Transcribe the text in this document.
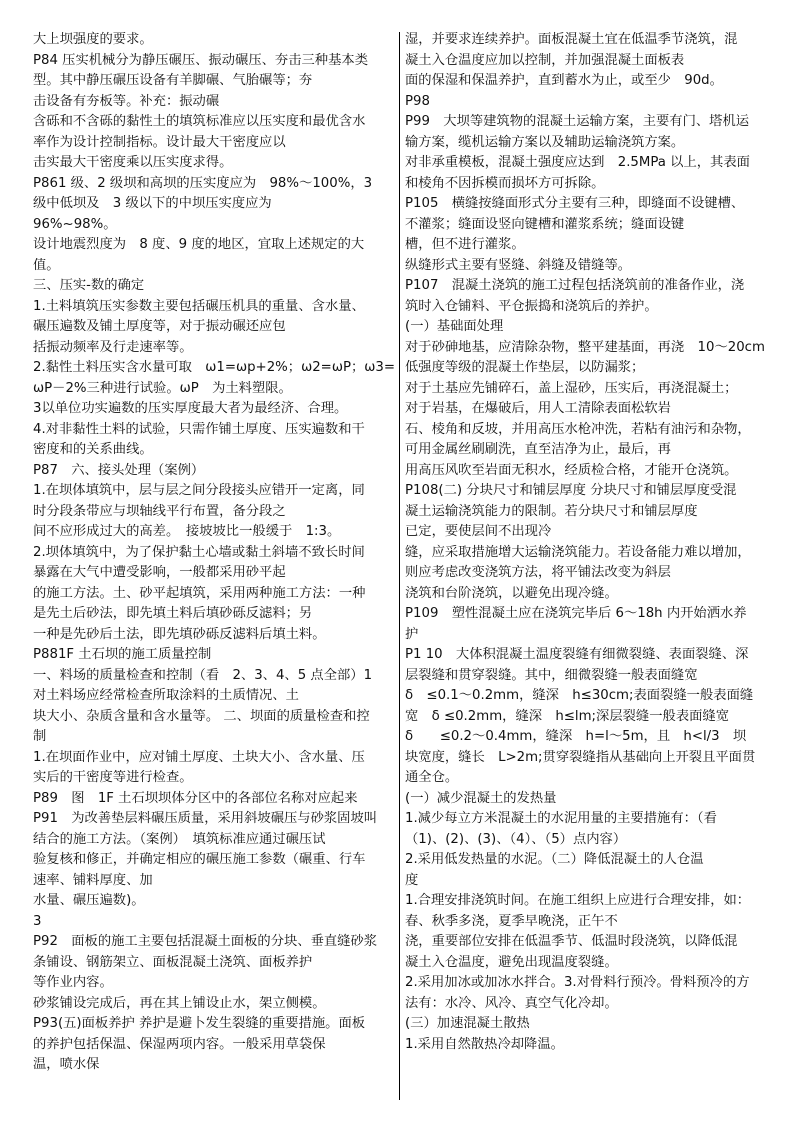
大上坝强度的要求。
P84 压实机械分为静压碾压、振动碾压、夯击三种基本类
型。其中静压碾压设备有羊脚碾、气胎碾等；夯
击设备有夯板等。补充：振动碾
含砾和不含砾的黏性土的填筑标准应以压实度和最优含水
率作为设计控制指标。设计最大干密度应以
击实最大干密度乘以压实度求得。
P861 级、2 级坝和高坝的压实度应为　98%～100%，3
级中低坝及　3 级以下的中坝压实度应为
96%~98%。
设计地震烈度为　8 度、9 度的地区，宜取上述规定的大
值。
三、压实-数的确定
1.土料填筑压实参数主要包括碾压机具的重量、含水量、
碾压遍数及铺土厚度等，对于振动碾还应包
括振动频率及行走速率等。
2.黏性土料压实含水量可取　ω1=ωp+2%；ω2=ωP；ω3=
ωP－2%三种进行试验。ωP　为土料塑限。
3以单位功实遍数的压实厚度最大者为最经济、合理。
4.对非黏性土料的试验，只需作铺土厚度、压实遍数和干
密度和的关系曲线。
P87　六、接头处理（案例）
1.在坝体填筑中，层与层之间分段接头应错开一定离，同
时分段条带应与坝轴线平行布置，备分段之
间不应形成过大的高差。　接坡坡比一般缓于　1:3。
2.坝体填筑中，为了保护黏土心墙或黏土斜墙不致长时间
暴露在大气中遭受影响，一般都采用砂平起
的施工方法。土、砂平起填筑，采用两种施工方法：一种
是先土后砂法，即先填土料后填砂砾反滤料；另
一种是先砂后土法，即先填砂砾反滤料后填土料。
P881F 土石坝的施工质量控制
一、料场的质量检查和控制（看　2、3、4、5 点全部）1
对土料场应经常检查所取涂料的土质情况、土
块大小、杂质含量和含水量等。 二、坝面的质量检查和控
制
1.在坝面作业中，应对铺土厚度、土块大小、含水量、压
实后的干密度等进行检查。
P89　图　1F 土石坝坝体分区中的各部位名称对应起来
P91　为改善垫层料碾压质量，采用斜坡碾压与砂浆固坡叫
结合的施工方法。（案例）　填筑标准应通过碾压试
验复核和修正，并确定相应的碾压施工参数（碾重、行车
速率、铺料厚度、加
水量、碾压遍数)。
3
P92　面板的施工主要包括混凝土面板的分块、垂直缝砂浆
条铺设、钢筋架立、面板混凝土浇筑、面板养护
等作业内容。
砂浆铺设完成后，再在其上铺设止水，架立侧模。
P93(五)面板养护 养护是避卜发生裂缝的重要措施。面板
的养护包括保温、保湿两项内容。一般采用草袋保
温，喷水保
湿，并要求连续养护。面板混凝土宜在低温季节浇筑，混
凝土入仓温度应加以控制，并加强混凝土面板表
面的保湿和保温养护，直到蓄水为止，或至少　90d。
P98
P99　大坝等建筑物的混凝土运输方案，主要有门、塔机运
输方案，缆机运输方案以及辅助运输浇筑方案。
对非承重模板，混凝土强度应达到　2.5MPa 以上，其表面
和棱角不因拆模而损坏方可拆除。
P105　横缝按缝面形式分主要有三种，即缝面不设键槽、
不灌浆；缝面设竖向键槽和灌浆系统；缝面设键
槽，但不进行灌浆。
纵缝形式主要有竖缝、斜缝及错缝等。
P107　混凝土浇筑的施工过程包括浇筑前的准备作业，浇
筑时入仓铺料、平仓振捣和浇筑后的养护。
(一）基础面处理
对于砂砷地基，应清除杂物，整平建基面，再浇　10～20cm
低强度等级的混凝土作垫层，以防漏浆；
对于土基应先铺碎石，盖上湿砂，压实后，再浇混凝土；
对于岩基，在爆破后，用人工清除表面松软岩
石、棱角和反坡，并用高压水枪冲洗，若粘有油污和杂物，
可用金属丝刷刷洗，直至洁净为止，最后，再
用高压风吹至岩面无积水，经质检合格，才能开仓浇筑。
P108(二) 分块尺寸和铺层厚度 分块尺寸和铺层厚度受混
凝土运输浇筑能力的限制。若分块尺寸和铺层厚度
已定，要使层间不出现冷
缝，应采取措施增大运输浇筑能力。若设备能力难以增加，
则应考虑改变浇筑方法，将平铺法改变为斜层
浇筑和台阶浇筑，以避免出现冷缝。
P109　塑性混凝土应在浇筑完毕后 6～18h 内开始洒水养
护
P1 10　大体积混凝土温度裂缝有细微裂缝、表面裂缝、深
层裂缝和贯穿裂缝。其中，细微裂缝一般表面缝宽
δ　≤0.1～0.2mm，缝深　h≤30cm;表面裂缝一般表面缝
宽　δ ≤0.2mm，缝深　h≤lm;深层裂缝一般表面缝宽
δ　　≤0.2～0.4mm，缝深　h=l～5m，且　h<l/3　坝
块宽度，缝长　L>2m;贯穿裂缝指从基础向上开裂且平面贯
通全仓。
(一）减少混凝土的发热量
1.减少每立方米混凝土的水泥用量的主要措施有：（看
（1)、(2)、(3)、（4）、（5）点内容）
2.采用低发热量的水泥。（二）降低混凝土的人仓温
度
1.合理安排浇筑时间。在施工组织上应进行合理安排，如：
春、秋季多浇，夏季早晚浇，正午不
浇，重要部位安排在低温季节、低温时段浇筑，以降低混
凝土入仓温度，避免出现温度裂缝。
2.采用加冰或加冰水拌合。3.对骨料行预冷。骨料预冷的方
法有：水冷、风冷、真空气化冷却。
(三）加速混凝土散热
1.采用自然散热冷却降温。
